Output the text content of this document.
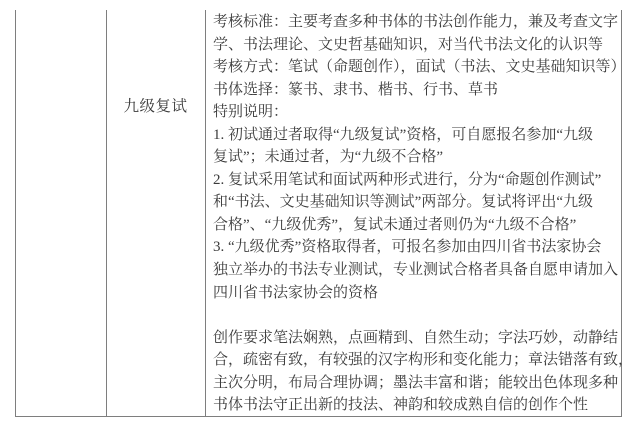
九级复试
考核标准：主要考查多种书体的书法创作能力，兼及考查文字
学、书法理论、文史哲基础知识，对当代书法文化的认识等
考核方式：笔试（命题创作），面试（书法、文史基础知识等）
书体选择：篆书、隶书、楷书、行书、草书
特别说明：
1. 初试通过者取得“九级复试”资格，可自愿报名参加“九级
复试”；未通过者，为“九级不合格”
2. 复试采用笔试和面试两种形式进行，分为“命题创作测试”
和“书法、文史基础知识等测试”两部分。复试将评出“九级
合格”、“九级优秀”，复试未通过者则仍为“九级不合格”
3. “九级优秀”资格取得者，可报名参加由四川省书法家协会
独立举办的书法专业测试，专业测试合格者具备自愿申请加入
四川省书法家协会的资格

创作要求笔法娴熟，点画精到、自然生动；字法巧妙，动静结
合，疏密有致，有较强的汉字构形和变化能力；章法错落有致，
主次分明，布局合理协调；墨法丰富和谐；能较出色体现多种
书体书法守正出新的技法、神韵和较成熟自信的创作个性
